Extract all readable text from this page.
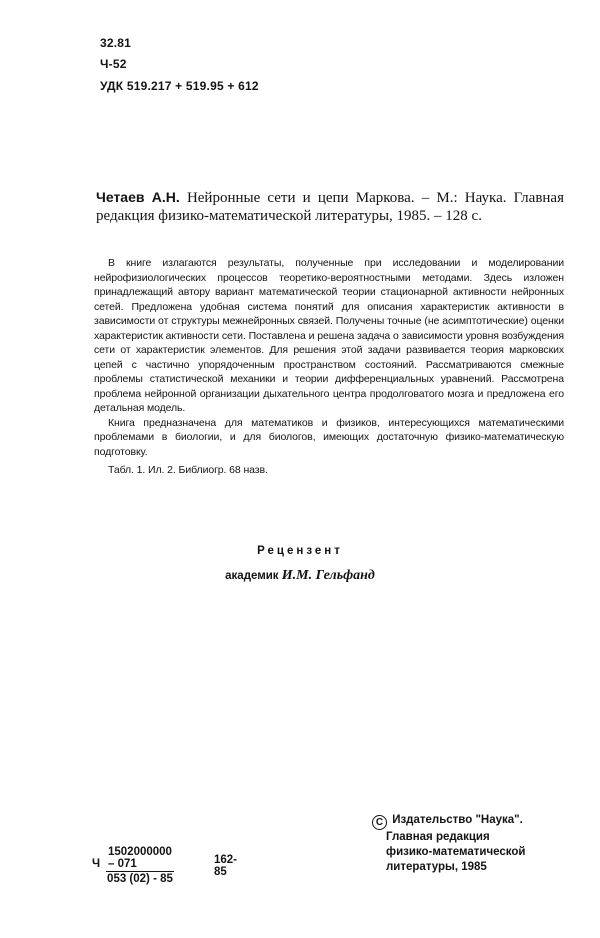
32.81
Ч-52
УДК 519.217 + 519.95 + 612

Четаев А.Н. Нейронные сети и цепи Маркова. – М.: Наука. Главная редакция физико-математической литературы, 1985. – 128 с.

В книге излагаются результаты, полученные при исследовании и моделировании нейрофизиологических процессов теоретико-вероятностными методами. Здесь изложен принадлежащий автору вариант математической теории стационарной активности нейронных сетей. Предложена удобная система понятий для описания характеристик активности в зависимости от структуры межнейронных связей. Получены точные (не асимптотические) оценки характеристик активности сети. Поставлена и решена задача о зависимости уровня возбуждения сети от характеристик элементов. Для решения этой задачи развивается теория марковских цепей с частично упорядоченным пространством состояний. Рассматриваются смежные проблемы статистической механики и теории дифференциальных уравнений. Рассмотрена проблема нейронной организации дыхательного центра продолговатого мозга и предложена его детальная модель.

Книга предназначена для математиков и физиков, интересующихся математическими проблемами в биологии, и для биологов, имеющих достаточную физико-математическую подготовку.

Табл. 1. Ил. 2. Библиогр. 68 назв.

Рецензент
академик И.М. Гельфанд
Ч $\frac{1502000000 - 071}{053 (02) - 85}$	162-85
С Издательство "Наука".
Главная редакция
физико-математической
литературы, 1985
